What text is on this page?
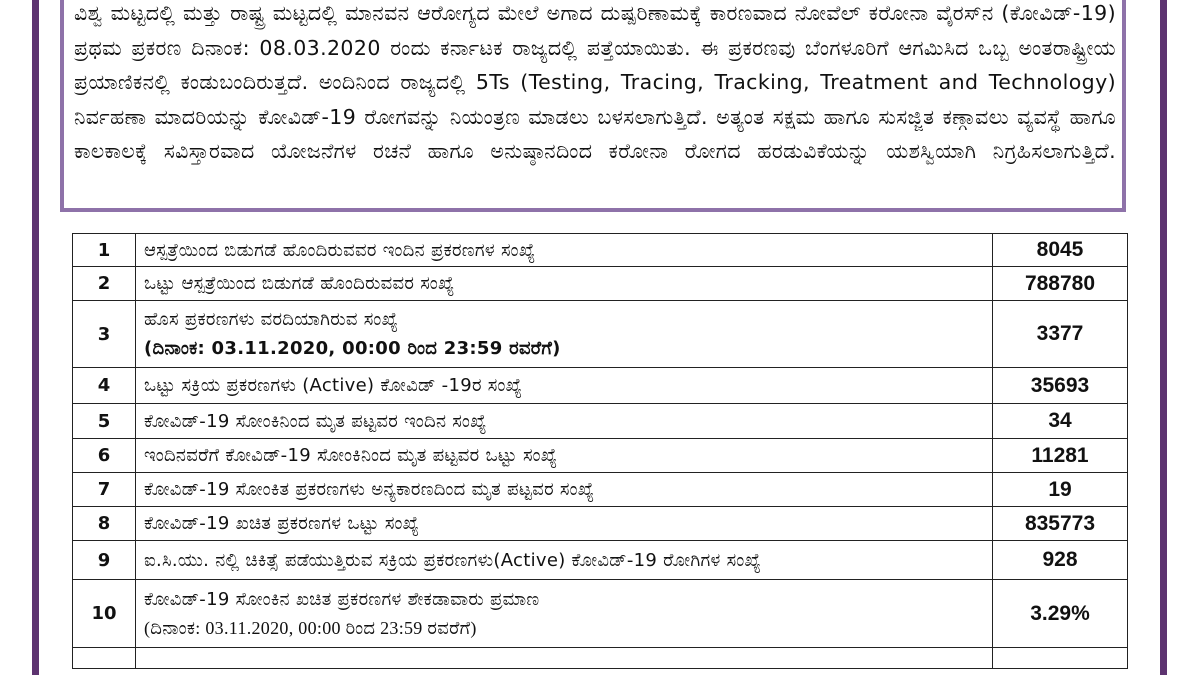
ವಿಶ್ವ ಮಟ್ಟದಲ್ಲಿ ಮತ್ತು ರಾಷ್ಟ್ರ ಮಟ್ಟದಲ್ಲಿ ಮಾನವನ ಆರೋಗ್ಯದ ಮೇಲೆ ಅಗಾದ ದುಷ್ಪರಿಣಾಮಕ್ಕೆ ಕಾರಣವಾದ ನೋವೆಲ್ ಕರೋನಾ ವೈರಸ್‌ನ (ಕೋವಿಡ್-19) ಪ್ರಥಮ ಪ್ರಕರಣ ದಿನಾಂಕ: 08.03.2020 ರಂದು ಕರ್ನಾಟಕ ರಾಜ್ಯದಲ್ಲಿ ಪತ್ತೆಯಾಯಿತು. ಈ ಪ್ರಕರಣವು ಬೆಂಗಳೂರಿಗೆ ಆಗಮಿಸಿದ ಒಬ್ಬ ಅಂತರಾಷ್ಟ್ರೀಯ ಪ್ರಯಾಣಿಕನಲ್ಲಿ ಕಂಡುಬಂದಿರುತ್ತದೆ. ಅಂದಿನಿಂದ ರಾಜ್ಯದಲ್ಲಿ 5Ts (Testing, Tracing, Tracking, Treatment and Technology) ನಿರ್ವಹಣಾ ಮಾದರಿಯನ್ನು ಕೋವಿಡ್-19 ರೋಗವನ್ನು ನಿಯಂತ್ರಣ ಮಾಡಲು ಬಳಸಲಾಗುತ್ತಿದೆ. ಅತ್ಯಂತ ಸಕ್ಷಮ ಹಾಗೂ ಸುಸಜ್ಜಿತ ಕಣ್ಗಾವಲು ವ್ಯವಸ್ಥೆ ಹಾಗೂ ಕಾಲಕಾಲಕ್ಕೆ ಸವಿಸ್ತಾರವಾದ ಯೋಜನೆಗಳ ರಚನೆ ಹಾಗೂ ಅನುಷ್ಠಾನದಿಂದ ಕರೋನಾ ರೋಗದ ಹರಡುವಿಕೆಯನ್ನು ಯಶಸ್ವಿಯಾಗಿ ನಿಗ್ರಹಿಸಲಾಗುತ್ತಿದೆ.
1	ಆಸ್ಪತ್ರೆಯಿಂದ ಬಿಡುಗಡೆ ಹೊಂದಿರುವವರ ಇಂದಿನ ಪ್ರಕರಣಗಳ ಸಂಖ್ಯೆ	8045
2	ಒಟ್ಟು ಆಸ್ಪತ್ರೆಯಿಂದ ಬಿಡುಗಡೆ ಹೊಂದಿರುವವರ ಸಂಖ್ಯೆ	788780
3	ಹೊಸ ಪ್ರಕರಣಗಳು ವರದಿಯಾಗಿರುವ ಸಂಖ್ಯೆ
(ದಿನಾಂಕ: 03.11.2020, 00:00 ರಿಂದ 23:59 ರವರೆಗೆ)	3377
4	ಒಟ್ಟು ಸಕ್ರಿಯ ಪ್ರಕರಣಗಳು (Active) ಕೋವಿಡ್ -19ರ ಸಂಖ್ಯೆ	35693
5	ಕೋವಿಡ್-19 ಸೋಂಕಿನಿಂದ ಮೃತ ಪಟ್ಟವರ ಇಂದಿನ ಸಂಖ್ಯೆ	34
6	ಇಂದಿನವರೆಗೆ ಕೋವಿಡ್-19 ಸೋಂಕಿನಿಂದ ಮೃತ ಪಟ್ಟವರ ಒಟ್ಟು ಸಂಖ್ಯೆ	11281
7	ಕೋವಿಡ್-19 ಸೋಂಕಿತ ಪ್ರಕರಣಗಳು ಅನ್ಯಕಾರಣದಿಂದ ಮೃತ ಪಟ್ಟವರ ಸಂಖ್ಯೆ	19
8	ಕೋವಿಡ್-19 ಖಚಿತ ಪ್ರಕರಣಗಳ ಒಟ್ಟು ಸಂಖ್ಯೆ	835773
9	ಐ.ಸಿ.ಯು. ನಲ್ಲಿ ಚಿಕಿತ್ಸೆ ಪಡೆಯುತ್ತಿರುವ ಸಕ್ರಿಯ ಪ್ರಕರಣಗಳು(Active) ಕೋವಿಡ್-19 ರೋಗಿಗಳ ಸಂಖ್ಯೆ	928
10	ಕೋವಿಡ್-19 ಸೋಂಕಿನ ಖಚಿತ ಪ್ರಕರಣಗಳ ಶೇಕಡಾವಾರು ಪ್ರಮಾಣ
(ದಿನಾಂಕ: 03.11.2020, 00:00 ರಿಂದ 23:59 ರವರೆಗೆ)	3.29%
